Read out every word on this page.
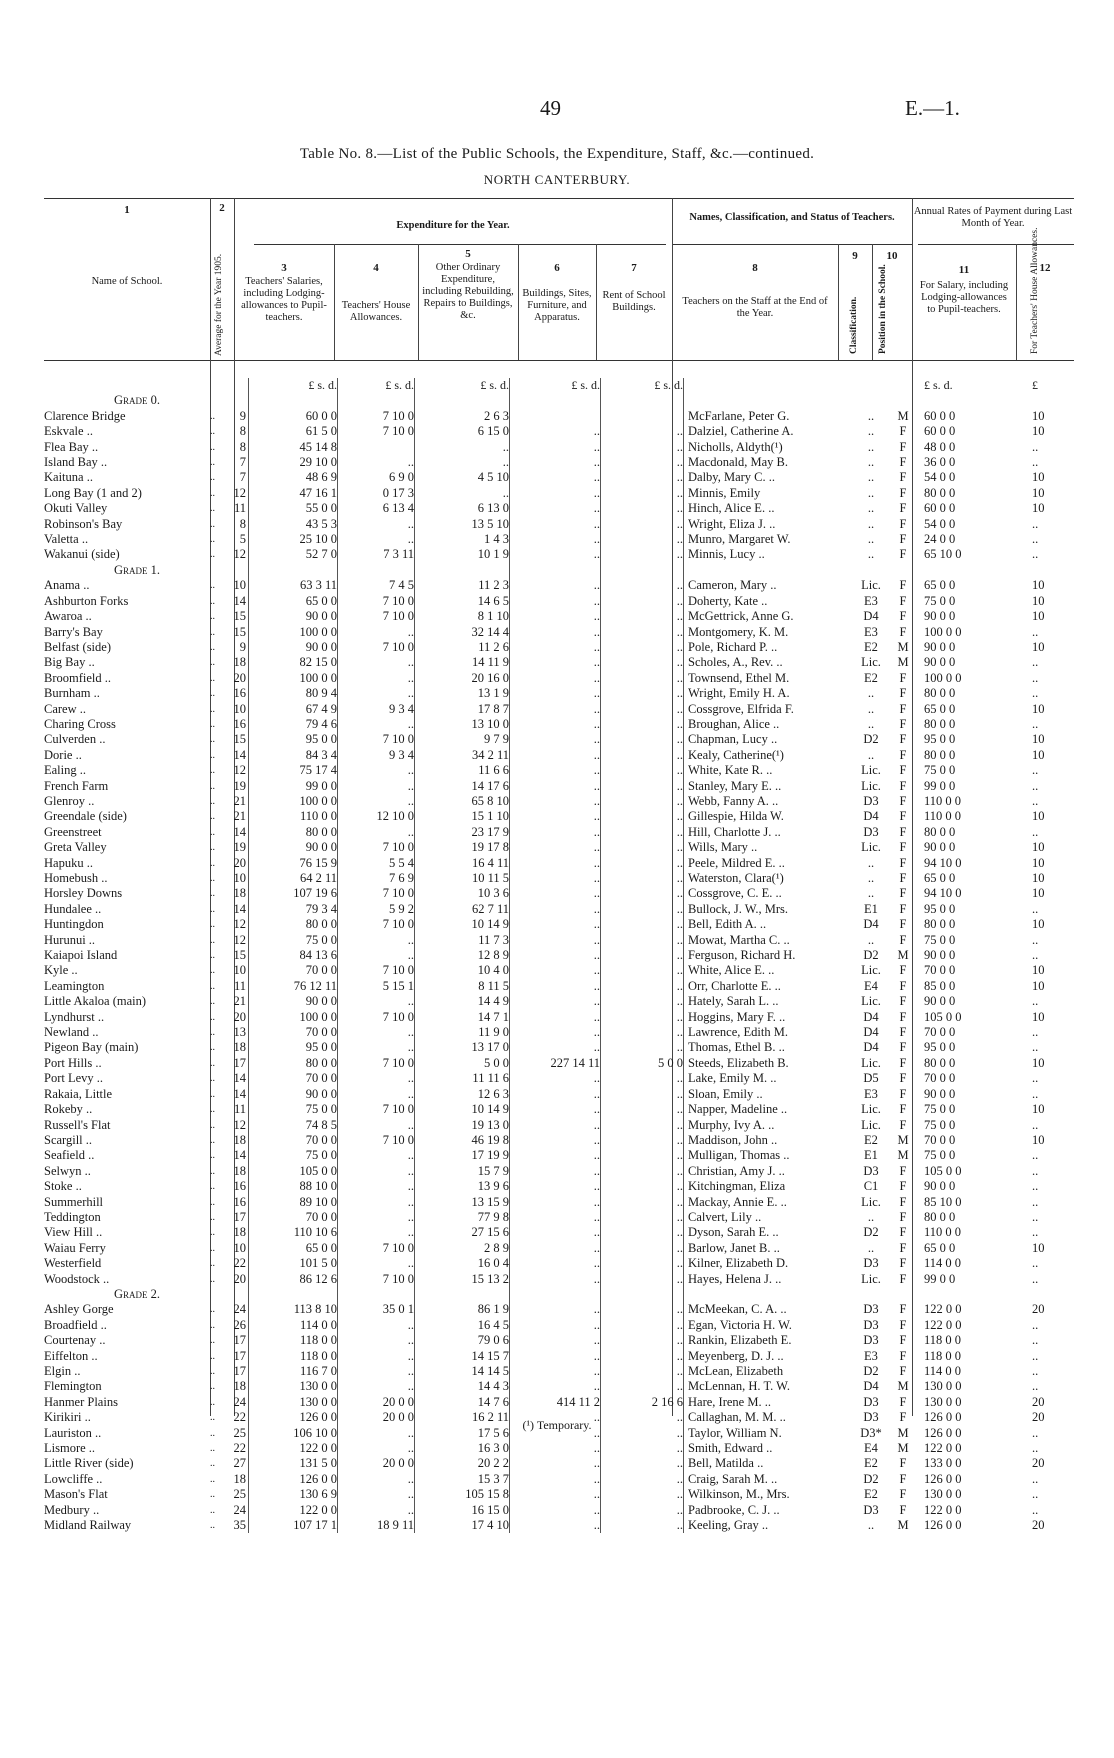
49	E.—1.
Table No. 8.—List of the Public Schools, the Expenditure, Staff, &c.—continued.
NORTH CANTERBURY.
1
Name of School.
2
Average for the Year 1905.
Expenditure for the Year.
3
Teachers' Salaries, including Lodging-allowances to Pupil-teachers.
4
Teachers' House Allowances.
5
Other Ordinary Expenditure, including Rebuilding, Repairs to Buildings, &c.
6
Buildings, Sites, Furniture, and Apparatus.
7
Rent of School Buildings.
Names, Classification, and Status of Teachers.
8
Teachers on the Staff at the End of the Year.
9
Classification.
10
Position in the School.
Annual Rates of Payment during Last Month of Year.
11
For Salary, including Lodging-allowances to Pupil-teachers.
12
For Teachers' House Allowances.
			£ s. d.	£ s. d.	£ s. d.	£ s. d.	£ s. d.				£ s. d.	£
Grade 0.												
Clarence Bridge	..	9	60 0 0	7 10 0	2 6 3			McFarlane, Peter G.	..	M	60 0 0	10
Eskvale ..	..	8	61 5 0	7 10 0	6 15 0	..	..	Dalziel, Catherine A.	..	F	60 0 0	10
Flea Bay ..	..	8	45 14 8		..	..	..	Nicholls, Aldyth(¹)	..	F	48 0 0	..
Island Bay ..	..	7	29 10 0	..	..	..	..	Macdonald, May B.	..	F	36 0 0	..
Kaituna ..	..	7	48 6 9	6 9 0	4 5 10	..	..	Dalby, Mary C. ..	..	F	54 0 0	10
Long Bay (1 and 2)	..	12	47 16 1	0 17 3	..	..	..	Minnis, Emily	..	F	80 0 0	10
Okuti Valley	..	11	55 0 0	6 13 4	6 13 0	..	..	Hinch, Alice E. ..	..	F	60 0 0	10
Robinson's Bay	..	8	43 5 3	..	13 5 10	..	..	Wright, Eliza J. ..	..	F	54 0 0	..
Valetta ..	..	5	25 10 0	..	1 4 3	..	..	Munro, Margaret W.	..	F	24 0 0	..
Wakanui (side)	..	12	52 7 0	7 3 11	10 1 9	..	..	Minnis, Lucy ..	..	F	65 10 0	..
Grade 1.												
Anama ..	..	10	63 3 11	7 4 5	11 2 3	..	..	Cameron, Mary ..	Lic.	F	65 0 0	10
Ashburton Forks	..	14	65 0 0	7 10 0	14 6 5	..	..	Doherty, Kate ..	E3	F	75 0 0	10
Awaroa ..	..	15	90 0 0	7 10 0	8 1 10	..	..	McGettrick, Anne G.	D4	F	90 0 0	10
Barry's Bay	..	15	100 0 0	..	32 14 4	..	..	Montgomery, K. M.	E3	F	100 0 0	..
Belfast (side)	..	9	90 0 0	7 10 0	11 2 6	..	..	Pole, Richard P. ..	E2	M	90 0 0	10
Big Bay ..	..	18	82 15 0	..	14 11 9	..	..	Scholes, A., Rev. ..	Lic.	M	90 0 0	..
Broomfield ..	..	20	100 0 0	..	20 16 0	..	..	Townsend, Ethel M.	E2	F	100 0 0	..
Burnham ..	..	16	80 9 4	..	13 1 9	..	..	Wright, Emily H. A.	..	F	80 0 0	..
Carew ..	..	10	67 4 9	9 3 4	17 8 7	..	..	Cossgrove, Elfrida F.	..	F	65 0 0	10
Charing Cross	..	16	79 4 6	..	13 10 0	..	..	Broughan, Alice ..	..	F	80 0 0	..
Culverden ..	..	15	95 0 0	7 10 0	9 7 9	..	..	Chapman, Lucy ..	D2	F	95 0 0	10
Dorie ..	..	14	84 3 4	9 3 4	34 2 11	..	..	Kealy, Catherine(¹)	..	F	80 0 0	10
Ealing ..	..	12	75 17 4	..	11 6 6	..	..	White, Kate R. ..	Lic.	F	75 0 0	..
French Farm	..	19	99 0 0	..	14 17 6	..	..	Stanley, Mary E. ..	Lic.	F	99 0 0	..
Glenroy ..	..	21	100 0 0	..	65 8 10	..	..	Webb, Fanny A. ..	D3	F	110 0 0	..
Greendale (side)	..	21	110 0 0	12 10 0	15 1 10	..	..	Gillespie, Hilda W.	D4	F	110 0 0	10
Greenstreet	..	14	80 0 0	..	23 17 9	..	..	Hill, Charlotte J. ..	D3	F	80 0 0	..
Greta Valley	..	19	90 0 0	7 10 0	19 17 8	..	..	Wills, Mary ..	Lic.	F	90 0 0	10
Hapuku ..	..	20	76 15 9	5 5 4	16 4 11	..	..	Peele, Mildred E. ..	..	F	94 10 0	10
Homebush ..	..	10	64 2 11	7 6 9	10 11 5	..	..	Waterston, Clara(¹)	..	F	65 0 0	10
Horsley Downs	..	18	107 19 6	7 10 0	10 3 6	..	..	Cossgrove, C. E. ..	..	F	94 10 0	10
Hundalee ..	..	14	79 3 4	5 9 2	62 7 11	..	..	Bullock, J. W., Mrs.	E1	F	95 0 0	..
Huntingdon	..	12	80 0 0	7 10 0	10 14 9	..	..	Bell, Edith A. ..	D4	F	80 0 0	10
Hurunui ..	..	12	75 0 0	..	11 7 3	..	..	Mowat, Martha C. ..	..	F	75 0 0	..
Kaiapoi Island	..	15	84 13 6	..	12 8 9	..	..	Ferguson, Richard H.	D2	M	90 0 0	..
Kyle ..	..	10	70 0 0	7 10 0	10 4 0	..	..	White, Alice E. ..	Lic.	F	70 0 0	10
Leamington	..	11	76 12 11	5 15 1	8 11 5	..	..	Orr, Charlotte E. ..	E4	F	85 0 0	10
Little Akaloa (main)	..	21	90 0 0	..	14 4 9	..	..	Hately, Sarah L. ..	Lic.	F	90 0 0	..
Lyndhurst ..	..	20	100 0 0	7 10 0	14 7 1	..	..	Hoggins, Mary F. ..	D4	F	105 0 0	10
Newland ..	..	13	70 0 0	..	11 9 0	..	..	Lawrence, Edith M.	D4	F	70 0 0	..
Pigeon Bay (main)	..	18	95 0 0	..	13 17 0	..	..	Thomas, Ethel B. ..	D4	F	95 0 0	..
Port Hills ..	..	17	80 0 0	7 10 0	5 0 0	227 14 11	5 0 0	Steeds, Elizabeth B.	Lic.	F	80 0 0	10
Port Levy ..	..	14	70 0 0	..	11 11 6	..	..	Lake, Emily M. ..	D5	F	70 0 0	..
Rakaia, Little	..	14	90 0 0	..	12 6 3	..	..	Sloan, Emily ..	E3	F	90 0 0	..
Rokeby ..	..	11	75 0 0	7 10 0	10 14 9	..	..	Napper, Madeline ..	Lic.	F	75 0 0	10
Russell's Flat	..	12	74 8 5	..	19 13 0	..	..	Murphy, Ivy A. ..	Lic.	F	75 0 0	..
Scargill ..	..	18	70 0 0	7 10 0	46 19 8	..	..	Maddison, John ..	E2	M	70 0 0	10
Seafield ..	..	14	75 0 0	..	17 19 9	..	..	Mulligan, Thomas ..	E1	M	75 0 0	..
Selwyn ..	..	18	105 0 0	..	15 7 9	..	..	Christian, Amy J. ..	D3	F	105 0 0	..
Stoke ..	..	16	88 10 0	..	13 9 6	..	..	Kitchingman, Eliza	C1	F	90 0 0	..
Summerhill	..	16	89 10 0	..	13 15 9	..	..	Mackay, Annie E. ..	Lic.	F	85 10 0	..
Teddington	..	17	70 0 0	..	77 9 8	..	..	Calvert, Lily ..	..	F	80 0 0	..
View Hill ..	..	18	110 10 6	..	27 15 6	..	..	Dyson, Sarah E. ..	D2	F	110 0 0	..
Waiau Ferry	..	10	65 0 0	7 10 0	2 8 9	..	..	Barlow, Janet B. ..	..	F	65 0 0	10
Westerfield	..	22	101 5 0	..	16 0 4	..	..	Kilner, Elizabeth D.	D3	F	114 0 0	..
Woodstock ..	..	20	86 12 6	7 10 0	15 13 2	..	..	Hayes, Helena J. ..	Lic.	F	99 0 0	..
Grade 2.												
Ashley Gorge	..	24	113 8 10	35 0 1	86 1 9	..	..	McMeekan, C. A. ..	D3	F	122 0 0	20
Broadfield ..	..	26	114 0 0	..	16 4 5	..	..	Egan, Victoria H. W.	D3	F	122 0 0	..
Courtenay ..	..	17	118 0 0	..	79 0 6	..	..	Rankin, Elizabeth E.	D3	F	118 0 0	..
Eiffelton ..	..	17	118 0 0	..	14 15 7	..	..	Meyenberg, D. J. ..	E3	F	118 0 0	..
Elgin ..	..	17	116 7 0	..	14 14 5	..	..	McLean, Elizabeth	D2	F	114 0 0	..
Flemington	..	18	130 0 0	..	14 4 3	..	..	McLennan, H. T. W.	D4	M	130 0 0	..
Hanmer Plains	..	24	130 0 0	20 0 0	14 7 6	414 11 2	2 16 6	Hare, Irene M. ..	D3	F	130 0 0	20
Kirikiri ..	..	22	126 0 0	20 0 0	16 2 11	..	..	Callaghan, M. M. ..	D3	F	126 0 0	20
Lauriston ..	..	25	106 10 0	..	17 5 6	..	..	Taylor, William N.	D3*	M	126 0 0	..
Lismore ..	..	22	122 0 0	..	16 3 0	..	..	Smith, Edward ..	E4	M	122 0 0	..
Little River (side)	..	27	131 5 0	20 0 0	20 2 2	..	..	Bell, Matilda ..	E2	F	133 0 0	20
Lowcliffe ..	..	18	126 0 0	..	15 3 7	..	..	Craig, Sarah M. ..	D2	F	126 0 0	..
Mason's Flat	..	25	130 6 9	..	105 15 8	..	..	Wilkinson, M., Mrs.	E2	F	130 0 0	..
Medbury ..	..	24	122 0 0	..	16 15 0	..	..	Padbrooke, C. J. ..	D3	F	122 0 0	..
Midland Railway	..	35	107 17 1	18 9 11	17 4 10	..	..	Keeling, Gray ..	..	M	126 0 0	20
(¹) Temporary.
